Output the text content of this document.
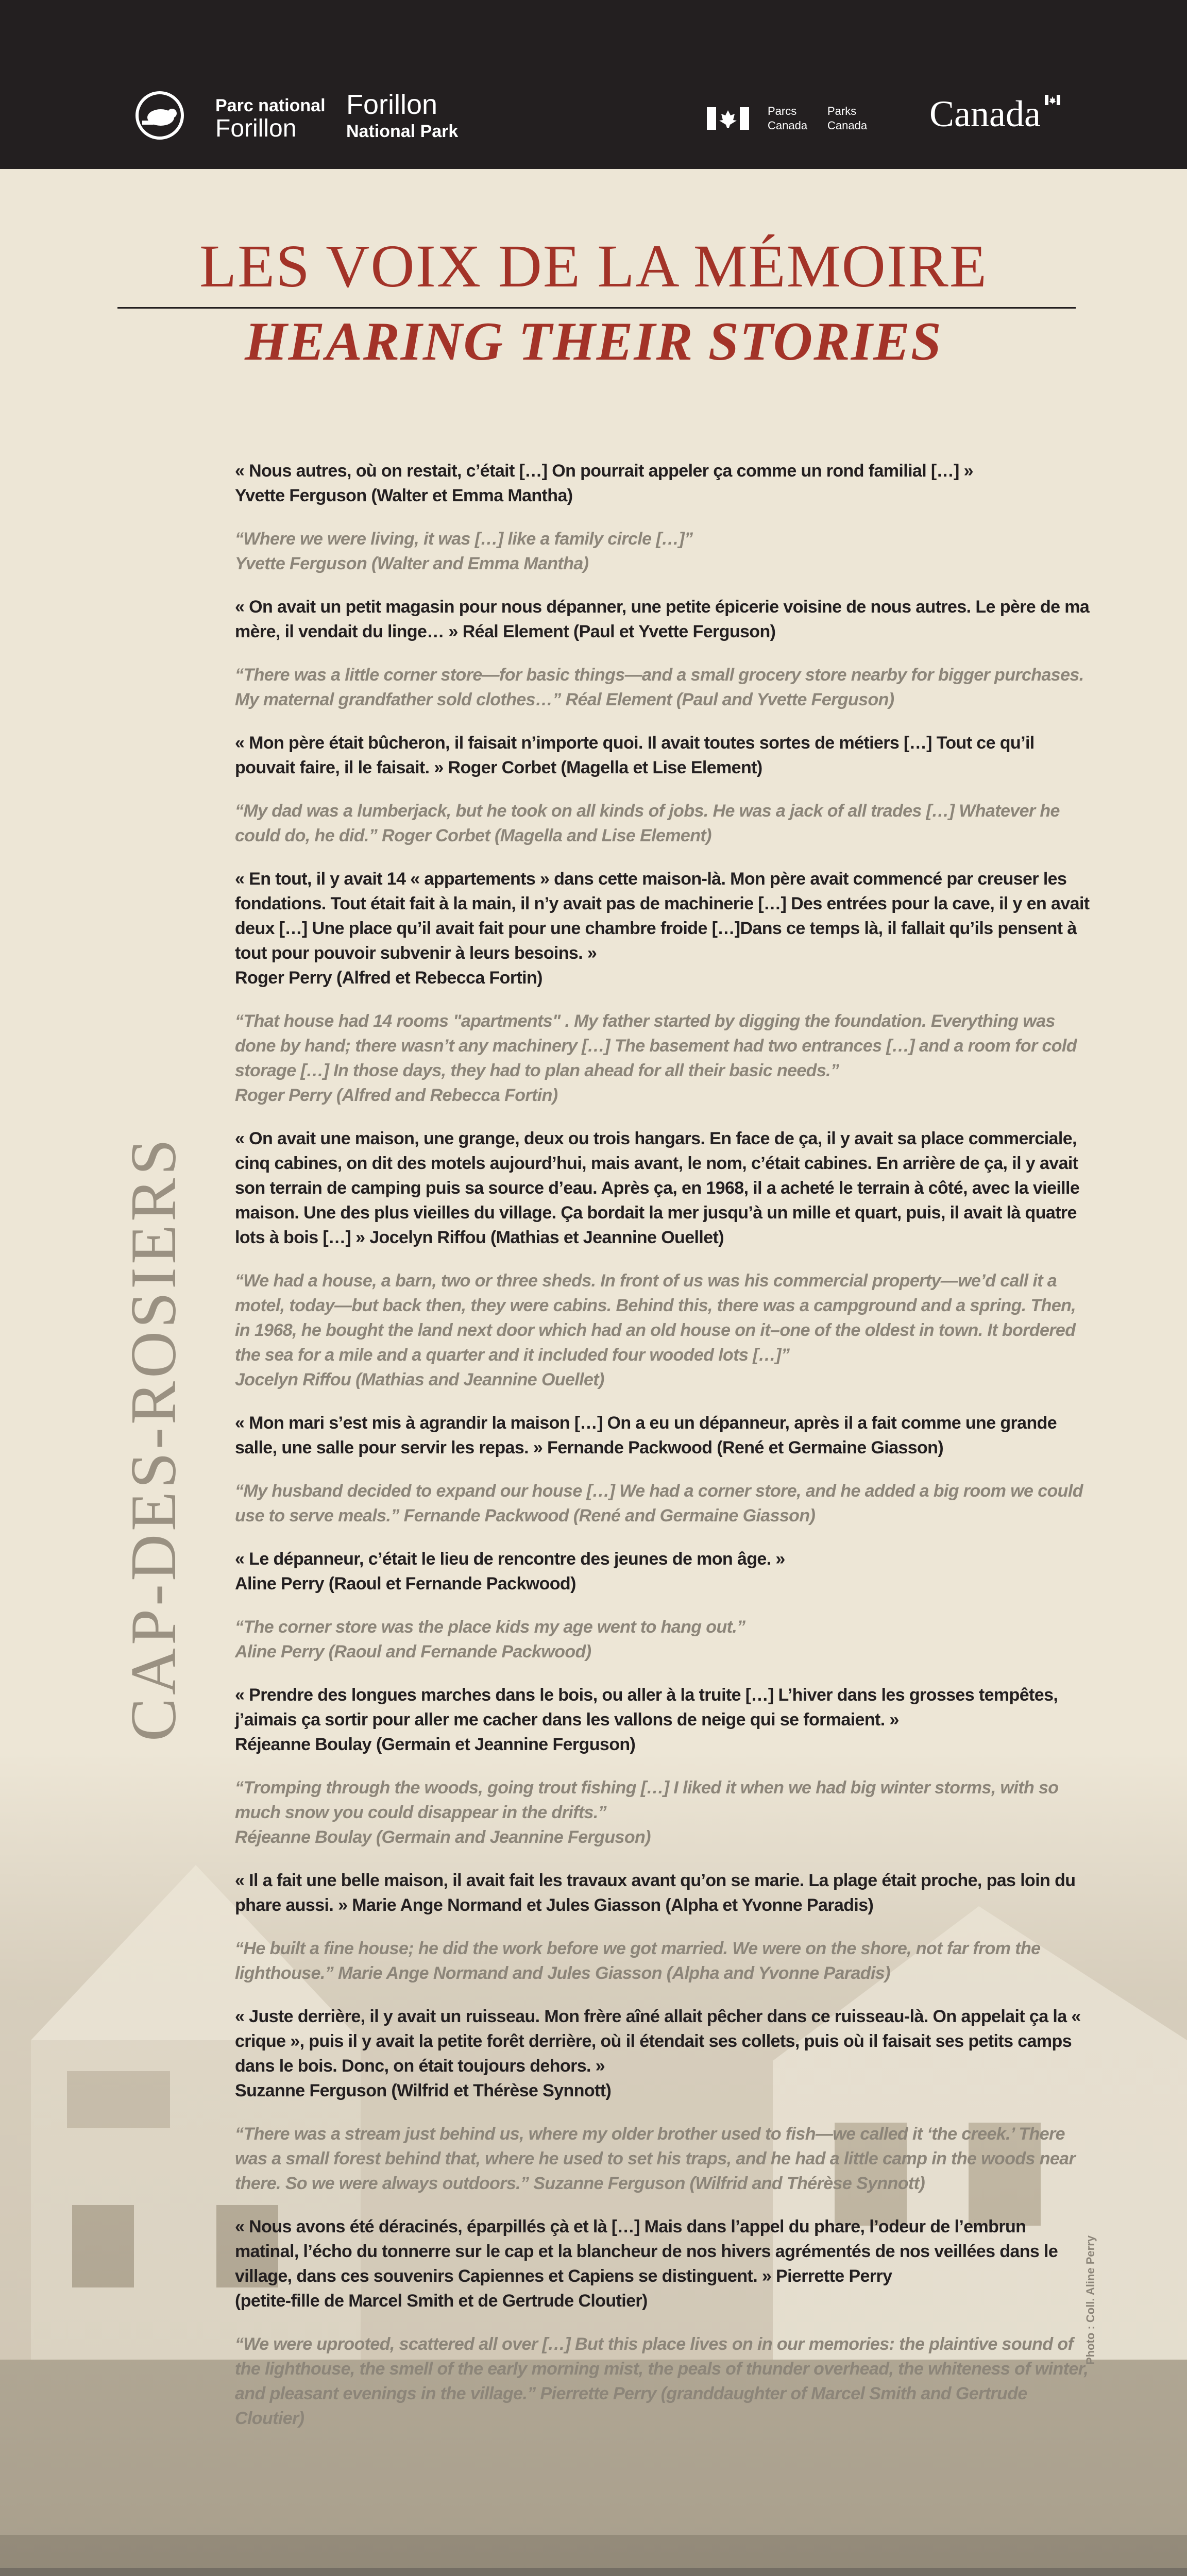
Parc national
Forillon
Forillon
National Park
Parcs
Canada
Parks
Canada Canada
LES VOIX DE LA MÉMOIRE
HEARING THEIR STORIES
CAP-DES-ROSIERS
« Nous autres, où on restait, c’était […] On pourrait appeler ça comme un rond familial […] »
Yvette Ferguson (Walter et Emma Mantha)
“Where we were living, it was […] like a family circle […]”
Yvette Ferguson (Walter and Emma Mantha)
« On avait un petit magasin pour nous dépanner, une petite épicerie voisine de nous autres. Le père de ma mère, il vendait du linge… » Réal Element (Paul et Yvette Ferguson)
“There was a little corner store—for basic things—and a small grocery store nearby for bigger purchases. My maternal grandfather sold clothes…” Réal Element (Paul and Yvette Ferguson)
« Mon père était bûcheron, il faisait n’importe quoi. Il avait toutes sortes de métiers […] Tout ce qu’il pouvait faire, il le faisait. » Roger Corbet (Magella et Lise Element)
“My dad was a lumberjack, but he took on all kinds of jobs. He was a jack of all trades […] Whatever he could do, he did.” Roger Corbet (Magella and Lise Element)
« En tout, il y avait 14 « appartements » dans cette maison-là. Mon père avait commencé par creuser les fondations. Tout était fait à la main, il n’y avait pas de machinerie […] Des entrées pour la cave, il y en avait deux […] Une place qu’il avait fait pour une chambre froide […]Dans ce temps là, il fallait qu’ils pensent à tout pour pouvoir subvenir à leurs besoins. »
Roger Perry (Alfred et Rebecca Fortin)
“That house had 14 rooms "apartments" . My father started by digging the foundation. Everything was done by hand; there wasn’t any machinery […] The basement had two entrances […] and a room for cold storage […] In those days, they had to plan ahead for all their basic needs.”
Roger Perry (Alfred and Rebecca Fortin)
« On avait une maison, une grange, deux ou trois hangars. En face de ça, il y avait sa place commerciale, cinq cabines, on dit des motels aujourd’hui, mais avant, le nom, c’était cabines. En arrière de ça, il y avait son terrain de camping puis sa source d’eau. Après ça, en 1968, il a acheté le terrain à côté, avec la vieille maison. Une des plus vieilles du village. Ça bordait la mer jusqu’à un mille et quart, puis, il avait là quatre lots à bois […] » Jocelyn Riffou (Mathias et Jeannine Ouellet)
“We had a house, a barn, two or three sheds. In front of us was his commercial property—we’d call it a motel, today—but back then, they were cabins. Behind this, there was a campground and a spring. Then, in 1968, he bought the land next door which had an old house on it–one of the oldest in town. It bordered the sea for a mile and a quarter and it included four wooded lots […]”
Jocelyn Riffou (Mathias and Jeannine Ouellet)
« Mon mari s’est mis à agrandir la maison […] On a eu un dépanneur, après il a fait comme une grande salle, une salle pour servir les repas. » Fernande Packwood (René et Germaine Giasson)
“My husband decided to expand our house […] We had a corner store, and he added a big room we could use to serve meals.” Fernande Packwood (René and Germaine Giasson)
« Le dépanneur, c’était le lieu de rencontre des jeunes de mon âge. »
Aline Perry (Raoul et Fernande Packwood)
“The corner store was the place kids my age went to hang out.”
Aline Perry (Raoul and Fernande Packwood)
« Prendre des longues marches dans le bois, ou aller à la truite […] L’hiver dans les grosses tempêtes, j’aimais ça sortir pour aller me cacher dans les vallons de neige qui se formaient. »
Réjeanne Boulay (Germain et Jeannine Ferguson)
“Tromping through the woods, going trout fishing […] I liked it when we had big winter storms, with so much snow you could disappear in the drifts.”
Réjeanne Boulay (Germain and Jeannine Ferguson)
« Il a fait une belle maison, il avait fait les travaux avant qu’on se marie. La plage était proche, pas loin du phare aussi. » Marie Ange Normand et Jules Giasson (Alpha et Yvonne Paradis)
“He built a fine house; he did the work before we got married. We were on the shore, not far from the lighthouse.” Marie Ange Normand and Jules Giasson (Alpha and Yvonne Paradis)
« Juste derrière, il y avait un ruisseau. Mon frère aîné allait pêcher dans ce ruisseau-là. On appelait ça la « crique », puis il y avait la petite forêt derrière, où il étendait ses collets, puis où il faisait ses petits camps dans le bois. Donc, on était toujours dehors. »
Suzanne Ferguson (Wilfrid et Thérèse Synnott)
“There was a stream just behind us, where my older brother used to fish—we called it ‘the creek.’ There was a small forest behind that, where he used to set his traps, and he had a little camp in the woods near there. So we were always outdoors.” Suzanne Ferguson (Wilfrid and Thérèse Synnott)
« Nous avons été déracinés, éparpillés çà et là […] Mais dans l’appel du phare, l’odeur de l’embrun matinal, l’écho du tonnerre sur le cap et la blancheur de nos hivers agrémentés de nos veillées dans le village, dans ces souvenirs Capiennes et Capiens se distinguent. » Pierrette Perry
(petite-fille de Marcel Smith et de Gertrude Cloutier)
“We were uprooted, scattered all over […] But this place lives on in our memories: the plaintive sound of the lighthouse, the smell of the early morning mist, the peals of thunder overhead, the whiteness of winter, and pleasant evenings in the village.” Pierrette Perry (granddaughter of Marcel Smith and Gertrude Cloutier)
Photo : Coll. Aline Perry
